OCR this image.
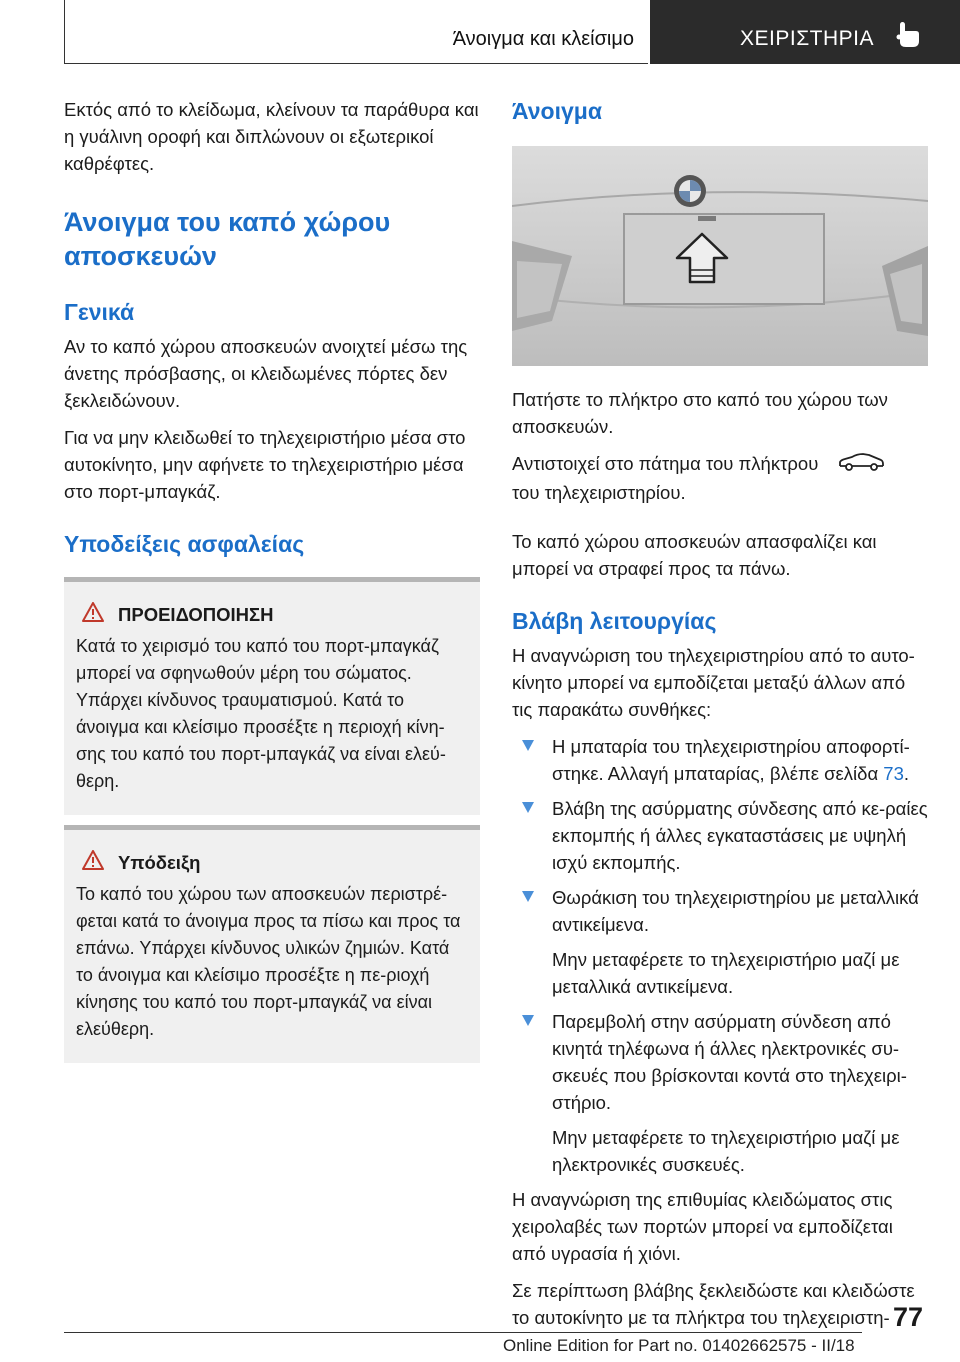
Άνοιγμα και κλείσιμο	ΧΕΙΡΙΣΤΗΡΙΑ

Εκτός από το κλείδωμα, κλείνουν τα παράθυρα και η γυάλινη οροφή και διπλώνουν οι εξωτερικοί καθρέφτες.

Άνοιγμα του καπό χώρου αποσκευών
Γενικά

Αν το καπό χώρου αποσκευών ανοιχτεί μέσω της άνετης πρόσβασης, οι κλειδωμένες πόρτες δεν ξεκλειδώνουν.

Για να μην κλειδωθεί το τηλεχειριστήριο μέσα στο αυτοκίνητο, μην αφήνετε το τηλεχειριστήριο μέσα στο πορτ-μπαγκάζ.

Υποδείξεις ασφαλείας
ΠΡΟΕΙΔΟΠΟΙΗΣΗ

Κατά το χειρισμό του καπό του πορτ-μπαγκάζ μπορεί να σφηνωθούν μέρη του σώματος. Υπάρχει κίνδυνος τραυματισμού. Κατά το άνοιγμα και κλείσιμο προσέξτε η περιοχή κίνη-σης του καπό του πορτ-μπαγκάζ να είναι ελεύ-θερη.

Υπόδειξη

Το καπό του χώρου των αποσκευών περιστρέ-φεται κατά το άνοιγμα προς τα πίσω και προς τα επάνω. Υπάρχει κίνδυνος υλικών ζημιών. Κατά το άνοιγμα και κλείσιμο προσέξτε η πε-ριοχή κίνησης του καπό του πορτ-μπαγκάζ να είναι ελεύθερη.

Άνοιγμα

Πατήστε το πλήκτρο στο καπό του χώρου των αποσκευών.

Αντιστοιχεί στο πάτημα του πλήκτρου  του τηλεχειριστηρίου.

Το καπό χώρου αποσκευών απασφαλίζει και μπορεί να στραφεί προς τα πάνω.

Βλάβη λειτουργίας

Η αναγνώριση του τηλεχειριστηρίου από το αυτο-κίνητο μπορεί να εμποδίζεται μεταξύ άλλων από τις παρακάτω συνθήκες:

Η μπαταρία του τηλεχειριστηρίου αποφορτί-στηκε. Αλλαγή μπαταρίας, βλέπε σελίδα 73.

Βλάβη της ασύρματης σύνδεσης από κε-ραίες εκπομπής ή άλλες εγκαταστάσεις με υψηλή ισχύ εκπομπής.

Θωράκιση του τηλεχειριστηρίου με μεταλλικά αντικείμενα.

Μην μεταφέρετε το τηλεχειριστήριο μαζί με μεταλλικά αντικείμενα.

Παρεμβολή στην ασύρματη σύνδεση από κινητά τηλέφωνα ή άλλες ηλεκτρονικές συ-σκευές που βρίσκονται κοντά στο τηλεχειρι-στήριο.

Μην μεταφέρετε το τηλεχειριστήριο μαζί με ηλεκτρονικές συσκευές.

Η αναγνώριση της επιθυμίας κλειδώματος στις χειρολαβές των πορτών μπορεί να εμποδίζεται από υγρασία ή χιόνι.

Σε περίπτωση βλάβης ξεκλειδώστε και κλειδώστε το αυτοκίνητο με τα πλήκτρα του τηλεχειριστη- 77
Online Edition for Part no. 01402662575 - II/18
